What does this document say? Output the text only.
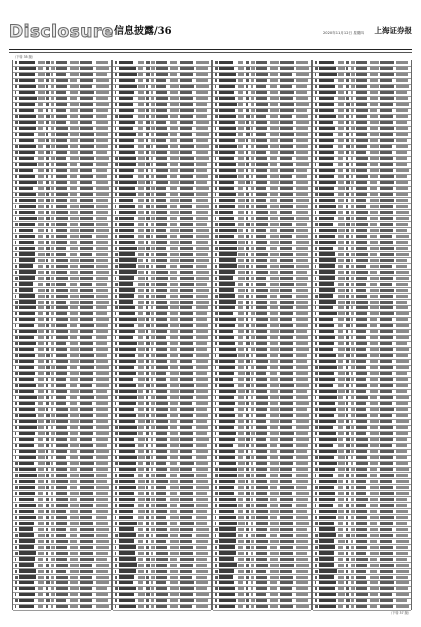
Disclosure 信息披露/36	2020年11月12日 星期四 上海证券报
（下转 35 版）
（下转 37 版）
